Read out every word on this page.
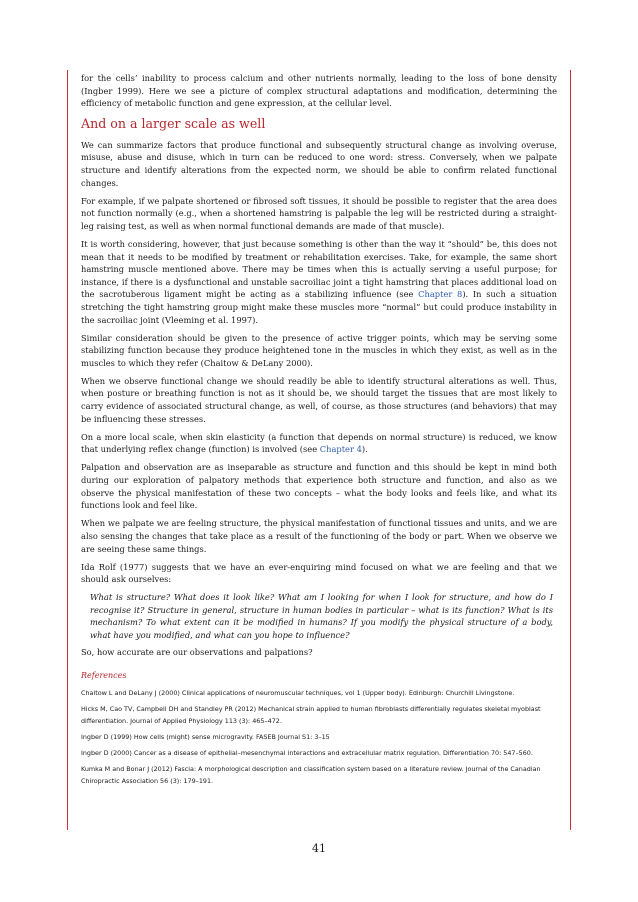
for the cells’ inability to process calcium and other nutrients normally, leading to the loss of bone density (Ingber 1999). Here we see a picture of complex structural adaptations and modification, determining the efficiency of metabolic function and gene expression, at the cellular level.

And on a larger scale as well

We can summarize factors that produce functional and subsequently structural change as involving overuse, misuse, abuse and disuse, which in turn can be reduced to one word: stress. Conversely, when we palpate structure and identify alterations from the expected norm, we should be able to confirm related functional changes.

For example, if we palpate shortened or fibrosed soft tissues, it should be possible to register that the area does not function normally (e.g., when a shortened hamstring is palpable the leg will be restricted during a straight-leg raising test, as well as when normal functional demands are made of that muscle).

It is worth considering, however, that just because something is other than the way it “should” be, this does not mean that it needs to be modified by treatment or rehabilitation exercises. Take, for example, the same short hamstring muscle mentioned above. There may be times when this is actually serving a useful purpose; for instance, if there is a dysfunctional and unstable sacroiliac joint a tight hamstring that places additional load on the sacrotuberous ligament might be acting as a stabilizing influence (see Chapter 8). In such a situation stretching the tight hamstring group might make these muscles more “normal” but could produce instability in the sacroiliac joint (Vleeming et al. 1997).

Similar consideration should be given to the presence of active trigger points, which may be serving some stabilizing function because they produce heightened tone in the muscles in which they exist, as well as in the muscles to which they refer (Chaitow & DeLany 2000).

When we observe functional change we should readily be able to identify structural alterations as well. Thus, when posture or breathing function is not as it should be, we should target the tissues that are most likely to carry evidence of associated structural change, as well, of course, as those structures (and behaviors) that may be influencing these stresses.

On a more local scale, when skin elasticity (a function that depends on normal structure) is reduced, we know that underlying reflex change (function) is involved (see Chapter 4).

Palpation and observation are as inseparable as structure and function and this should be kept in mind both during our exploration of palpatory methods that experience both structure and function, and also as we observe the physical manifestation of these two concepts – what the body looks and feels like, and what its functions look and feel like.

When we palpate we are feeling structure, the physical manifestation of functional tissues and units, and we are also sensing the changes that take place as a result of the functioning of the body or part. When we observe we are seeing these same things.

Ida Rolf (1977) suggests that we have an ever-enquiring mind focused on what we are feeling and that we should ask ourselves:

What is structure? What does it look like? What am I looking for when I look for structure, and how do I recognise it? Structure in general, structure in human bodies in particular – what is its function? What is its mechanism? To what extent can it be modified in humans? If you modify the physical structure of a body, what have you modified, and what can you hope to influence?

So, how accurate are our observations and palpations?

References

Chaitow L and DeLany J (2000) Clinical applications of neuromuscular techniques, vol 1 (Upper body). Edinburgh: Churchill Livingstone.

Hicks M, Cao TV, Campbell DH and Standley PR (2012) Mechanical strain applied to human fibroblasts differentially regulates skeletal myoblast differentiation. Journal of Applied Physiology 113 (3): 465–472.

Ingber D (1999) How cells (might) sense microgravity. FASEB Journal S1: 3–15

Ingber D (2000) Cancer as a disease of epithelial–mesenchymal interactions and extracellular matrix regulation. Differentiation 70: 547–560.

Kumka M and Bonar J (2012) Fascia: A morphological description and classification system based on a literature review. Journal of the Canadian Chiropractic Association 56 (3): 179–191.

41
